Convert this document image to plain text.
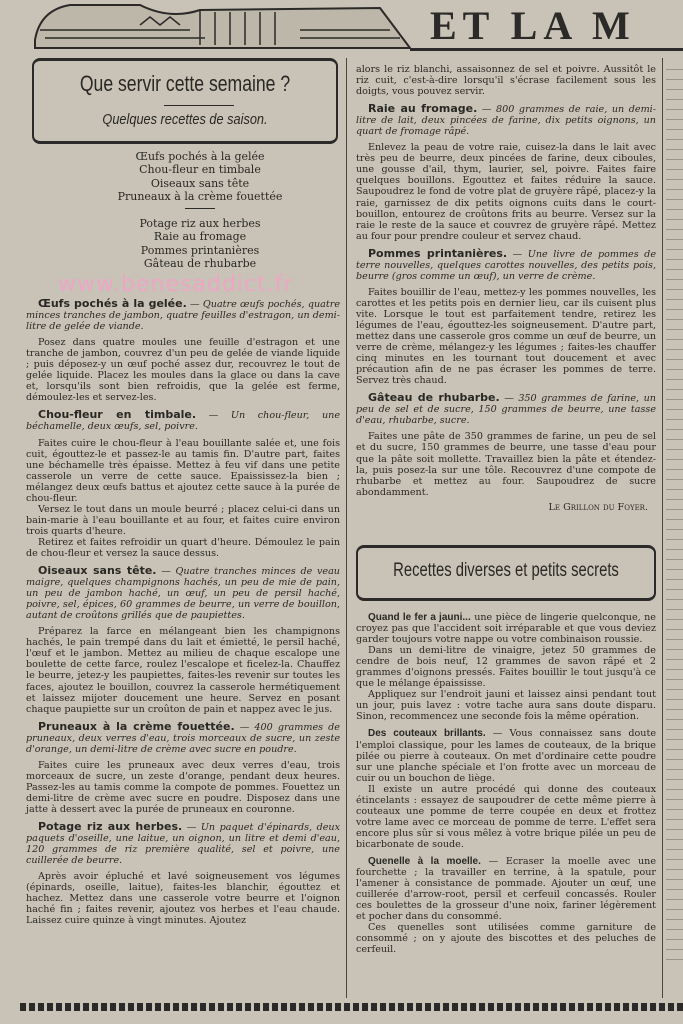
ET LA M
Que servir cette semaine ?
Quelques recettes de saison.
Œufs pochés à la gelée
Chou-fleur en timbale
Oiseaux sans tête
Pruneaux à la crème fouettée
Potage riz aux herbes
Raie au fromage
Pommes printanières
Gâteau de rhubarbe
www.benesaddict.fr

Œufs pochés à la gelée. — Quatre œufs pochés, quatre minces tranches de jambon, quatre feuilles d'estragon, un demi-litre de gelée de viande.

Posez dans quatre moules une feuille d'estragon et une tranche de jambon, couvrez d'un peu de gelée de viande liquide ; puis déposez-y un œuf poché assez dur, recouvrez le tout de gelée liquide. Placez les moules dans la glace ou dans la cave et, lorsqu'ils sont bien refroidis, que la gelée est ferme, démoulez-les et servez-les.

Chou-fleur en timbale. — Un chou-fleur, une béchamelle, deux œufs, sel, poivre.

Faites cuire le chou-fleur à l'eau bouillante salée et, une fois cuit, égouttez-le et passez-le au tamis fin. D'autre part, faites une béchamelle très épaisse. Mettez à feu vif dans une petite casserole un verre de cette sauce. Epaississez-la bien ; mélangez deux œufs battus et ajoutez cette sauce à la purée de chou-fleur.

Versez le tout dans un moule beurré ; placez celui-ci dans un bain-marie à l'eau bouillante et au four, et faites cuire environ trois quarts d'heure.

Retirez et faites refroidir un quart d'heure. Démoulez le pain de chou-fleur et versez la sauce dessus.

Oiseaux sans tête. — Quatre tranches minces de veau maigre, quelques champignons hachés, un peu de mie de pain, un peu de jambon haché, un œuf, un peu de persil haché, poivre, sel, épices, 60 grammes de beurre, un verre de bouillon, autant de croûtons grillés que de paupiettes.

Préparez la farce en mélangeant bien les champignons hachés, le pain trempé dans du lait et émietté, le persil haché, l'œuf et le jambon. Mettez au milieu de chaque escalope une boulette de cette farce, roulez l'escalope et ficelez-la. Chauffez le beurre, jetez-y les paupiettes, faites-les revenir sur toutes les faces, ajoutez le bouillon, couvrez la casserole hermétiquement et laissez mijoter doucement une heure. Servez en posant chaque paupiette sur un croûton de pain et nappez avec le jus.

Pruneaux à la crème fouettée. — 400 grammes de pruneaux, deux verres d'eau, trois morceaux de sucre, un zeste d'orange, un demi-litre de crème avec sucre en poudre.

Faites cuire les pruneaux avec deux verres d'eau, trois morceaux de sucre, un zeste d'orange, pendant deux heures. Passez-les au tamis comme la compote de pommes. Fouettez un demi-litre de crème avec sucre en poudre. Disposez dans une jatte à dessert avec la purée de pruneaux en couronne.

Potage riz aux herbes. — Un paquet d'épinards, deux paquets d'oseille, une laitue, un oignon, un litre et demi d'eau, 120 grammes de riz première qualité, sel et poivre, une cuillerée de beurre.

Après avoir épluché et lavé soigneusement vos légumes (épinards, oseille, laitue), faites-les blanchir, égouttez et hachez. Mettez dans une casserole votre beurre et l'oignon haché fin ; faites revenir, ajoutez vos herbes et l'eau chaude. Laissez cuire quinze à vingt minutes. Ajoutez

alors le riz blanchi, assaisonnez de sel et poivre. Aussitôt le riz cuit, c'est-à-dire lorsqu'il s'écrase facilement sous les doigts, vous pouvez servir.

Raie au fromage. — 800 grammes de raie, un demi-litre de lait, deux pincées de farine, dix petits oignons, un quart de fromage râpé.

Enlevez la peau de votre raie, cuisez-la dans le lait avec très peu de beurre, deux pincées de farine, deux ciboules, une gousse d'ail, thym, laurier, sel, poivre. Faites faire quelques bouillons. Egouttez et faites réduire la sauce. Saupoudrez le fond de votre plat de gruyère râpé, placez-y la raie, garnissez de dix petits oignons cuits dans le court-bouillon, entourez de croûtons frits au beurre. Versez sur la raie le reste de la sauce et couvrez de gruyère râpé. Mettez au four pour prendre couleur et servez chaud.

Pommes printanières. — Une livre de pommes de terre nouvelles, quelques carottes nouvelles, des petits pois, beurre (gros comme un œuf), un verre de crème.

Faites bouillir de l'eau, mettez-y les pommes nouvelles, les carottes et les petits pois en dernier lieu, car ils cuisent plus vite. Lorsque le tout est parfaitement tendre, retirez les légumes de l'eau, égouttez-les soigneusement. D'autre part, mettez dans une casserole gros comme un œuf de beurre, un verre de crème, mélangez-y les légumes ; faites-les chauffer cinq minutes en les tournant tout doucement et avec précaution afin de ne pas écraser les pommes de terre. Servez très chaud.

Gâteau de rhubarbe. — 350 grammes de farine, un peu de sel et de sucre, 150 grammes de beurre, une tasse d'eau, rhubarbe, sucre.

Faites une pâte de 350 grammes de farine, un peu de sel et du sucre, 150 grammes de beurre, une tasse d'eau pour que la pâte soit mollette. Travaillez bien la pâte et étendez-la, puis posez-la sur une tôle. Recouvrez d'une compote de rhubarbe et mettez au four. Saupoudrez de sucre abondamment.

Le Grillon du Foyer.
Recettes diverses et petits secrets

Quand le fer a jauni... une pièce de lingerie quelconque, ne croyez pas que l'accident soit irréparable et que vous deviez garder toujours votre nappe ou votre combinaison roussie.

Dans un demi-litre de vinaigre, jetez 50 grammes de cendre de bois neuf, 12 grammes de savon râpé et 2 grammes d'oignons pressés. Faites bouillir le tout jusqu'à ce que le mélange épaississe.

Appliquez sur l'endroit jauni et laissez ainsi pendant tout un jour, puis lavez : votre tache aura sans doute disparu. Sinon, recommencez une seconde fois la même opération.

Des couteaux brillants. — Vous connaissez sans doute l'emploi classique, pour les lames de couteaux, de la brique pilée ou pierre à couteaux. On met d'ordinaire cette poudre sur une planche spéciale et l'on frotte avec un morceau de cuir ou un bouchon de liège.

Il existe un autre procédé qui donne des couteaux étincelants : essayez de saupoudrer de cette même pierre à couteaux une pomme de terre coupée en deux et frottez votre lame avec ce morceau de pomme de terre. L'effet sera encore plus sûr si vous mêlez à votre brique pilée un peu de bicarbonate de soude.

Quenelle à la moelle. — Ecraser la moelle avec une fourchette ; la travailler en terrine, à la spatule, pour l'amener à consistance de pommade. Ajouter un œuf, une cuillerée d'arrow-root, persil et cerfeuil concassés. Rouler ces boulettes de la grosseur d'une noix, fariner légèrement et pocher dans du consommé.

Ces quenelles sont utilisées comme garniture de consommé ; on y ajoute des biscottes et des peluches de cerfeuil.
